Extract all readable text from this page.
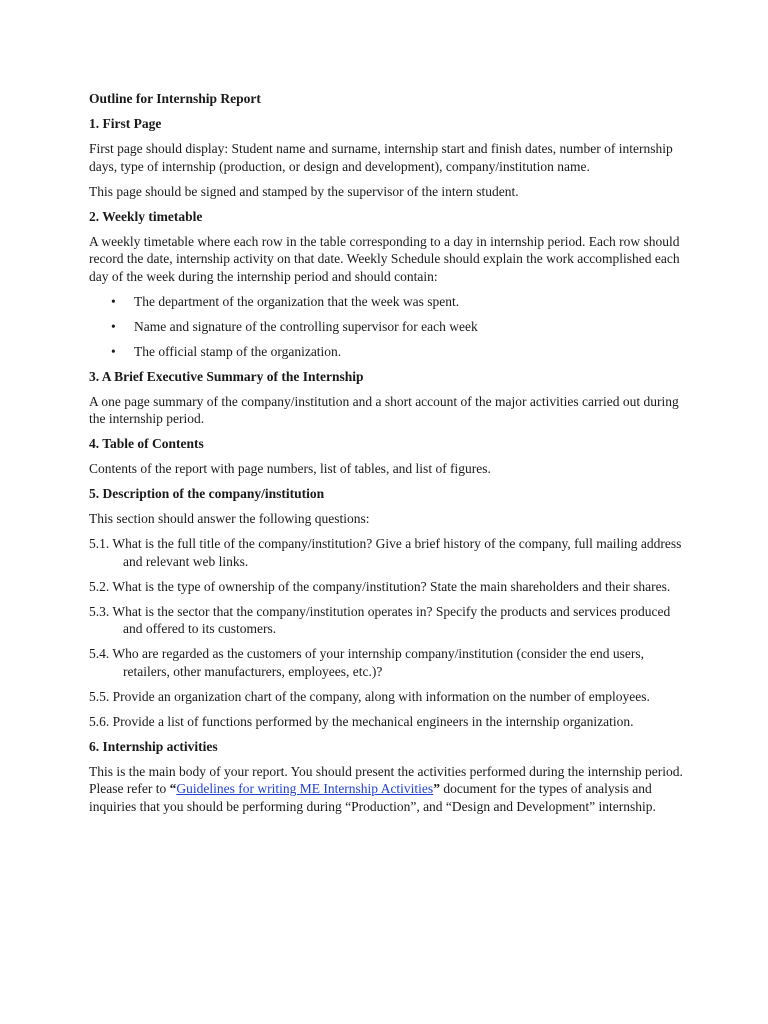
Outline for Internship Report
1. First Page
First page should display: Student name and surname, internship start and finish dates, number of internship days, type of internship (production, or design and development), company/institution name.
This page should be signed and stamped by the supervisor of the intern student.
2. Weekly timetable
A weekly timetable where each row in the table corresponding to a day in internship period. Each row should record the date, internship activity on that date. Weekly Schedule should explain the work accomplished each day of the week during the internship period and should contain:
• The department of the organization that the week was spent.
• Name and signature of the controlling supervisor for each week
• The official stamp of the organization.
3. A Brief Executive Summary of the Internship
A one page summary of the company/institution and a short account of the major activities carried out during the internship period.
4. Table of Contents
Contents of the report with page numbers, list of tables, and list of figures.
5. Description of the company/institution
This section should answer the following questions:
5.1. What is the full title of the company/institution? Give a brief history of the company, full mailing address and relevant web links.
5.2. What is the type of ownership of the company/institution? State the main shareholders and their shares.
5.3. What is the sector that the company/institution operates in? Specify the products and services produced and offered to its customers.
5.4. Who are regarded as the customers of your internship company/institution (consider the end users, retailers, other manufacturers, employees, etc.)?
5.5. Provide an organization chart of the company, along with information on the number of employees.
5.6. Provide a list of functions performed by the mechanical engineers in the internship organization.
6. Internship activities
This is the main body of your report. You should present the activities performed during the internship period. Please refer to “Guidelines for writing ME Internship Activities” document for the types of analysis and inquiries that you should be performing during “Production”, and “Design and Development” internship.
